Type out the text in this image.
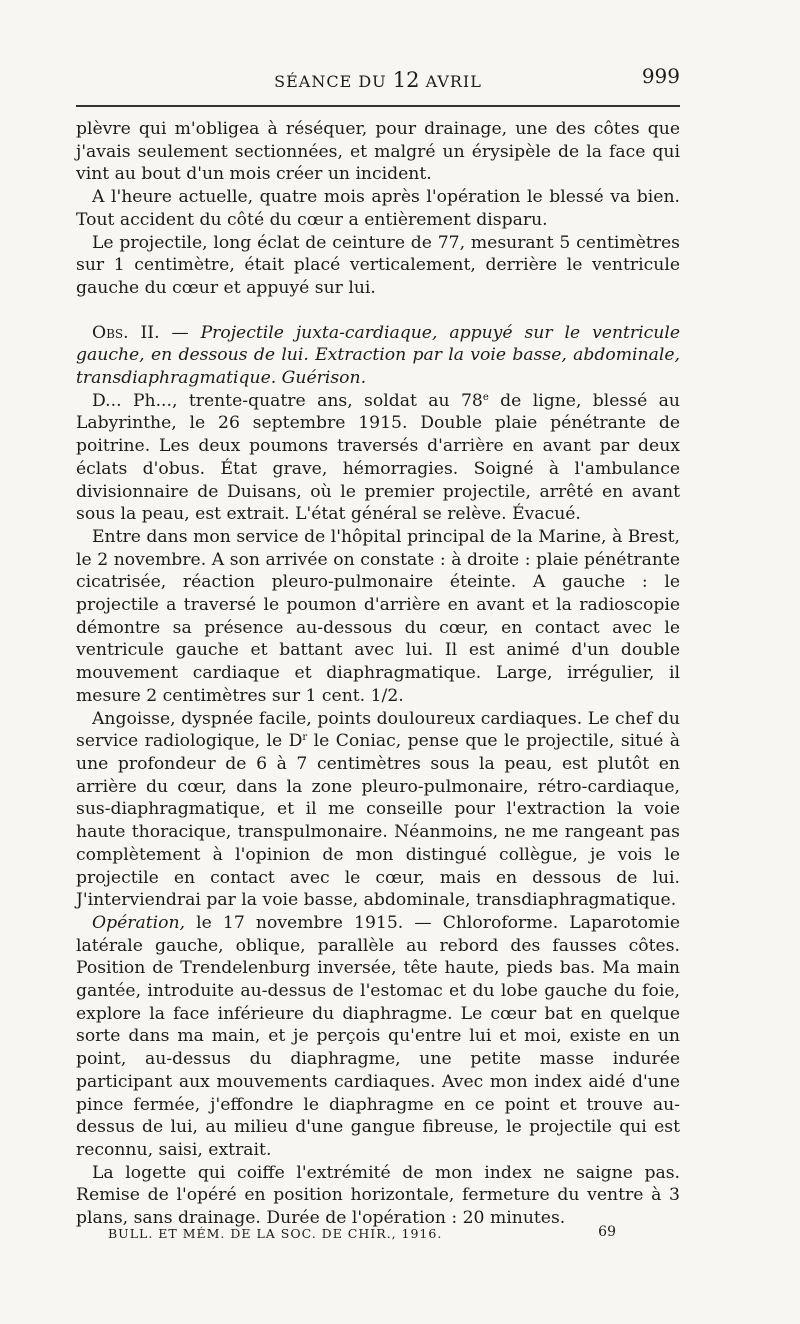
SÉANCE DU 12 AVRIL	999

plèvre qui m'obligea à réséquer, pour drainage, une des côtes que j'avais seulement sectionnées, et malgré un érysipèle de la face qui vint au bout d'un mois créer un incident.

A l'heure actuelle, quatre mois après l'opération le blessé va bien. Tout accident du côté du cœur a entièrement disparu.

Le projectile, long éclat de ceinture de 77, mesurant 5 centimètres sur 1 centimètre, était placé verticalement, derrière le ventricule gauche du cœur et appuyé sur lui.

Obs. II. — Projectile juxta-cardiaque, appuyé sur le ventricule gauche, en dessous de lui. Extraction par la voie basse, abdominale, transdiaphragmatique. Guérison.

D... Ph..., trente-quatre ans, soldat au 78e de ligne, blessé au Labyrinthe, le 26 septembre 1915. Double plaie pénétrante de poitrine. Les deux poumons traversés d'arrière en avant par deux éclats d'obus. État grave, hémorragies. Soigné à l'ambulance divisionnaire de Duisans, où le premier projectile, arrêté en avant sous la peau, est extrait. L'état général se relève. Évacué.

Entre dans mon service de l'hôpital principal de la Marine, à Brest, le 2 novembre. A son arrivée on constate : à droite : plaie pénétrante cicatrisée, réaction pleuro-pulmonaire éteinte. A gauche : le projectile a traversé le poumon d'arrière en avant et la radioscopie démontre sa présence au-dessous du cœur, en contact avec le ventricule gauche et battant avec lui. Il est animé d'un double mouvement cardiaque et diaphragmatique. Large, irrégulier, il mesure 2 centimètres sur 1 cent. 1/2.

Angoisse, dyspnée facile, points douloureux cardiaques. Le chef du service radiologique, le $D^r$ le Coniac, pense que le projectile, situé à une profondeur de 6 à 7 centimètres sous la peau, est plutôt en arrière du cœur, dans la zone pleuro-pulmonaire, rétro-cardiaque, sus-diaphragmatique, et il me conseille pour l'extraction la voie haute thoracique, transpulmonaire. Néanmoins, ne me rangeant pas complètement à l'opinion de mon distingué collègue, je vois le projectile en contact avec le cœur, mais en dessous de lui. J'interviendrai par la voie basse, abdominale, transdiaphragmatique.

Opération, le 17 novembre 1915. — Chloroforme. Laparotomie latérale gauche, oblique, parallèle au rebord des fausses côtes. Position de Trendelenburg inversée, tête haute, pieds bas. Ma main gantée, introduite au-dessus de l'estomac et du lobe gauche du foie, explore la face inférieure du diaphragme. Le cœur bat en quelque sorte dans ma main, et je perçois qu'entre lui et moi, existe en un point, au-dessus du diaphragme, une petite masse indurée participant aux mouvements cardiaques. Avec mon index aidé d'une pince fermée, j'effondre le diaphragme en ce point et trouve au-dessus de lui, au milieu d'une gangue fibreuse, le projectile qui est reconnu, saisi, extrait.

La logette qui coiffe l'extrémité de mon index ne saigne pas. Remise de l'opéré en position horizontale, fermeture du ventre à 3 plans, sans drainage. Durée de l'opération : 20 minutes.

BULL. ET MÉM. DE LA SOC. DE CHIR., 1916.	69
